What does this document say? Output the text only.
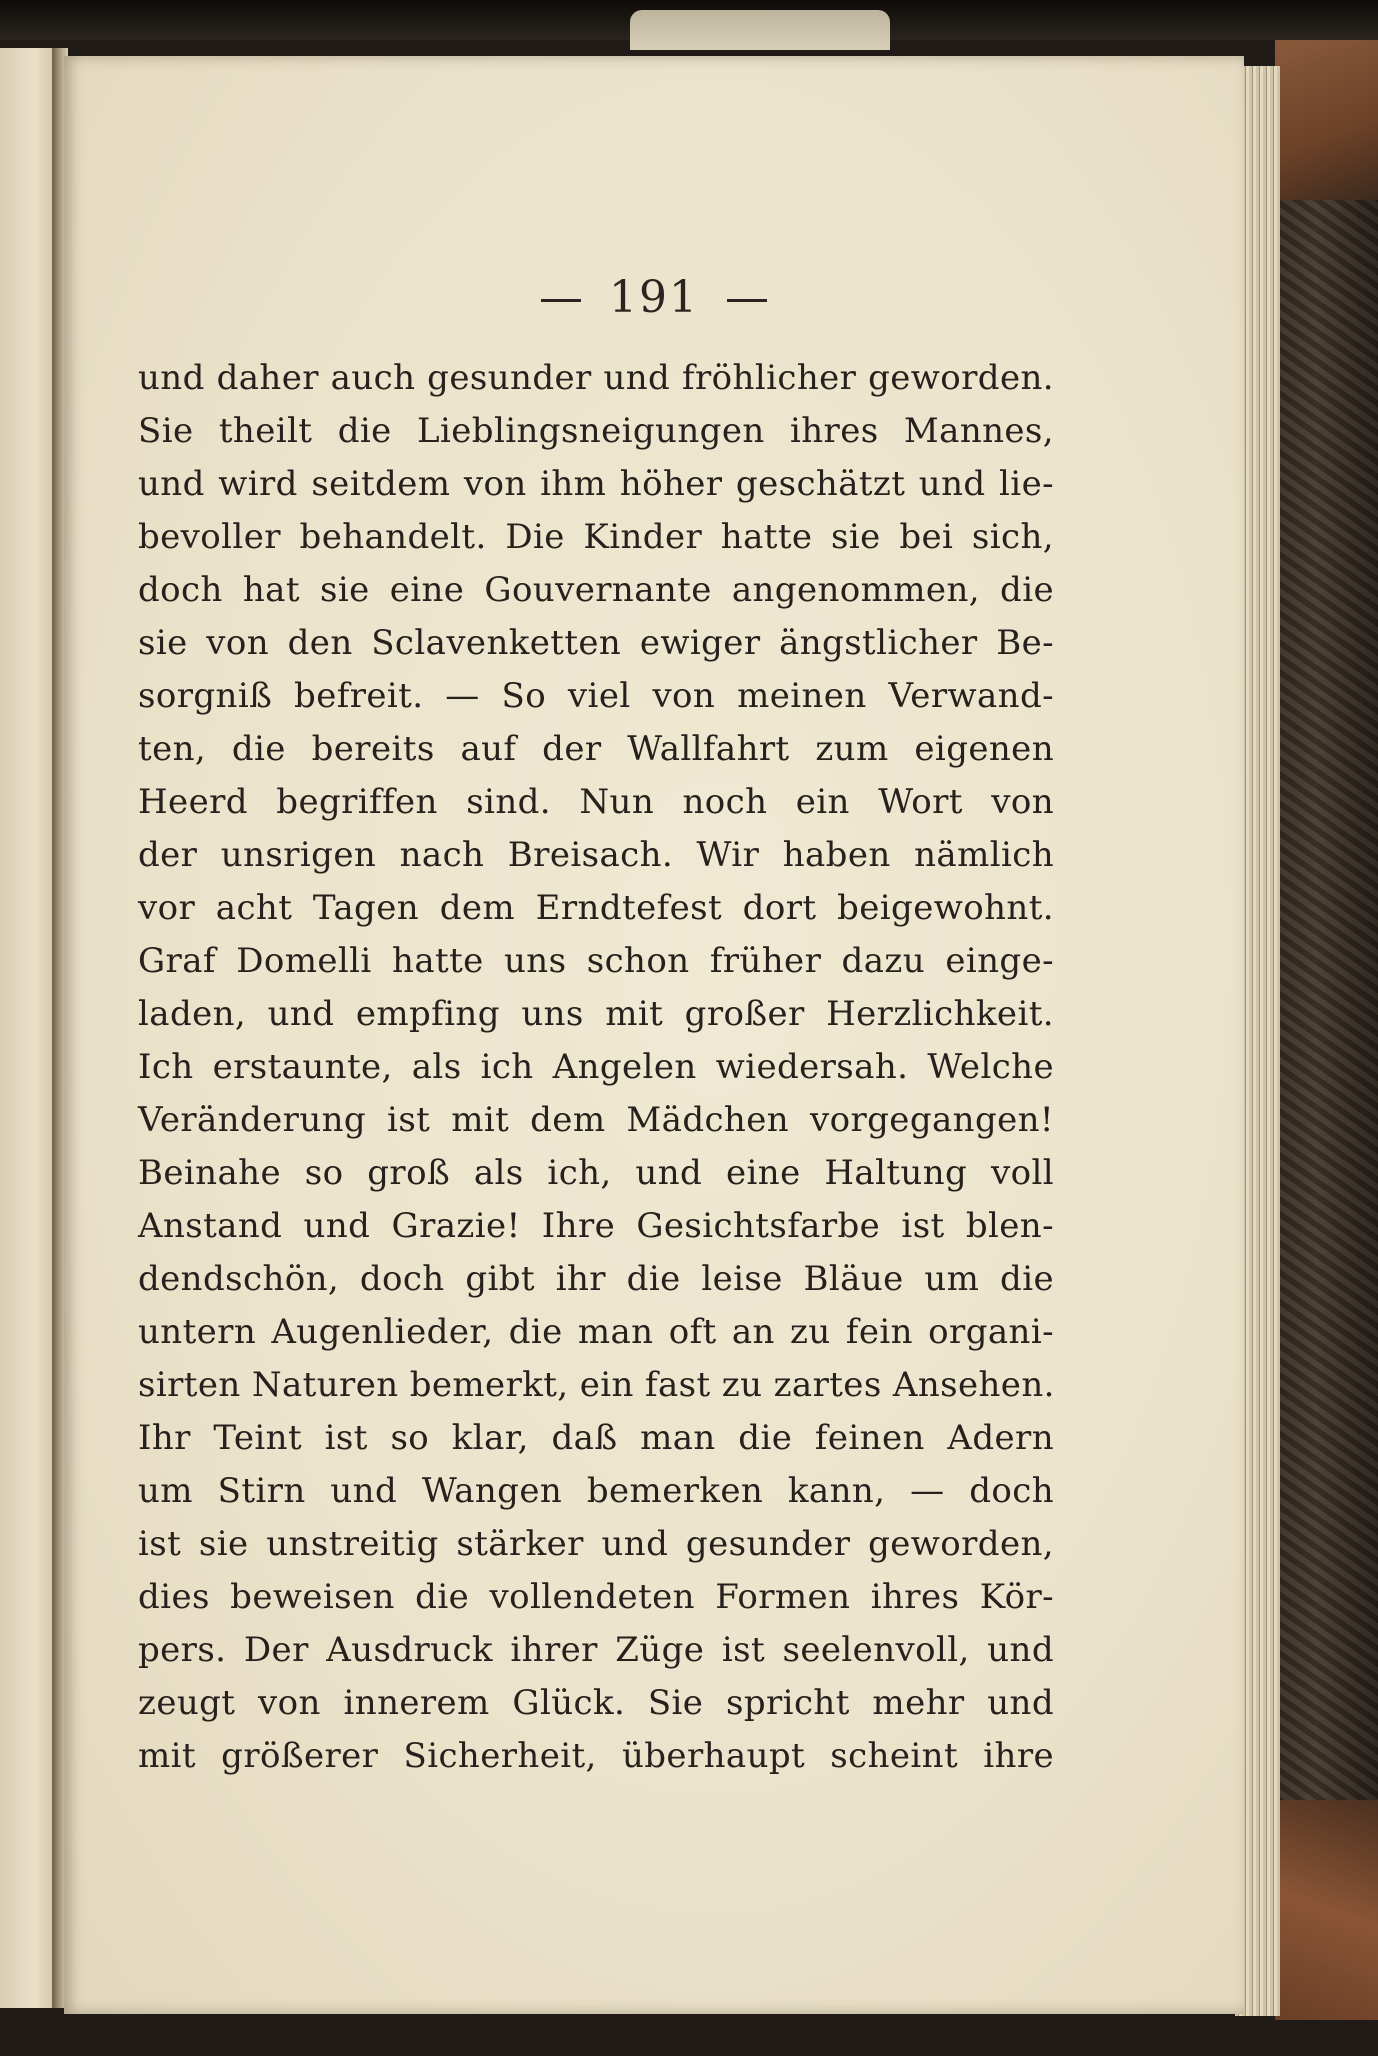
191
und daher auch gesunder und fröhlicher geworden.
Sie theilt die Lieblingsneigungen ihres Mannes,
und wird seitdem von ihm höher geschätzt und lie-
bevoller behandelt. Die Kinder hatte sie bei sich,
doch hat sie eine Gouvernante angenommen, die
sie von den Sclavenketten ewiger ängstlicher Be-
sorgniß befreit. — So viel von meinen Verwand-
ten, die bereits auf der Wallfahrt zum eigenen
Heerd begriffen sind. Nun noch ein Wort von
der unsrigen nach Breisach. Wir haben nämlich
vor acht Tagen dem Erndtefest dort beigewohnt.
Graf Domelli hatte uns schon früher dazu einge-
laden, und empfing uns mit großer Herzlichkeit.
Ich erstaunte, als ich Angelen wiedersah. Welche
Veränderung ist mit dem Mädchen vorgegangen!
Beinahe so groß als ich, und eine Haltung voll
Anstand und Grazie! Ihre Gesichtsfarbe ist blen-
dendschön, doch gibt ihr die leise Bläue um die
untern Augenlieder, die man oft an zu fein organi-
sirten Naturen bemerkt, ein fast zu zartes Ansehen.
Ihr Teint ist so klar, daß man die feinen Adern
um Stirn und Wangen bemerken kann, — doch
ist sie unstreitig stärker und gesunder geworden,
dies beweisen die vollendeten Formen ihres Kör-
pers. Der Ausdruck ihrer Züge ist seelenvoll, und
zeugt von innerem Glück. Sie spricht mehr und
mit größerer Sicherheit, überhaupt scheint ihre
